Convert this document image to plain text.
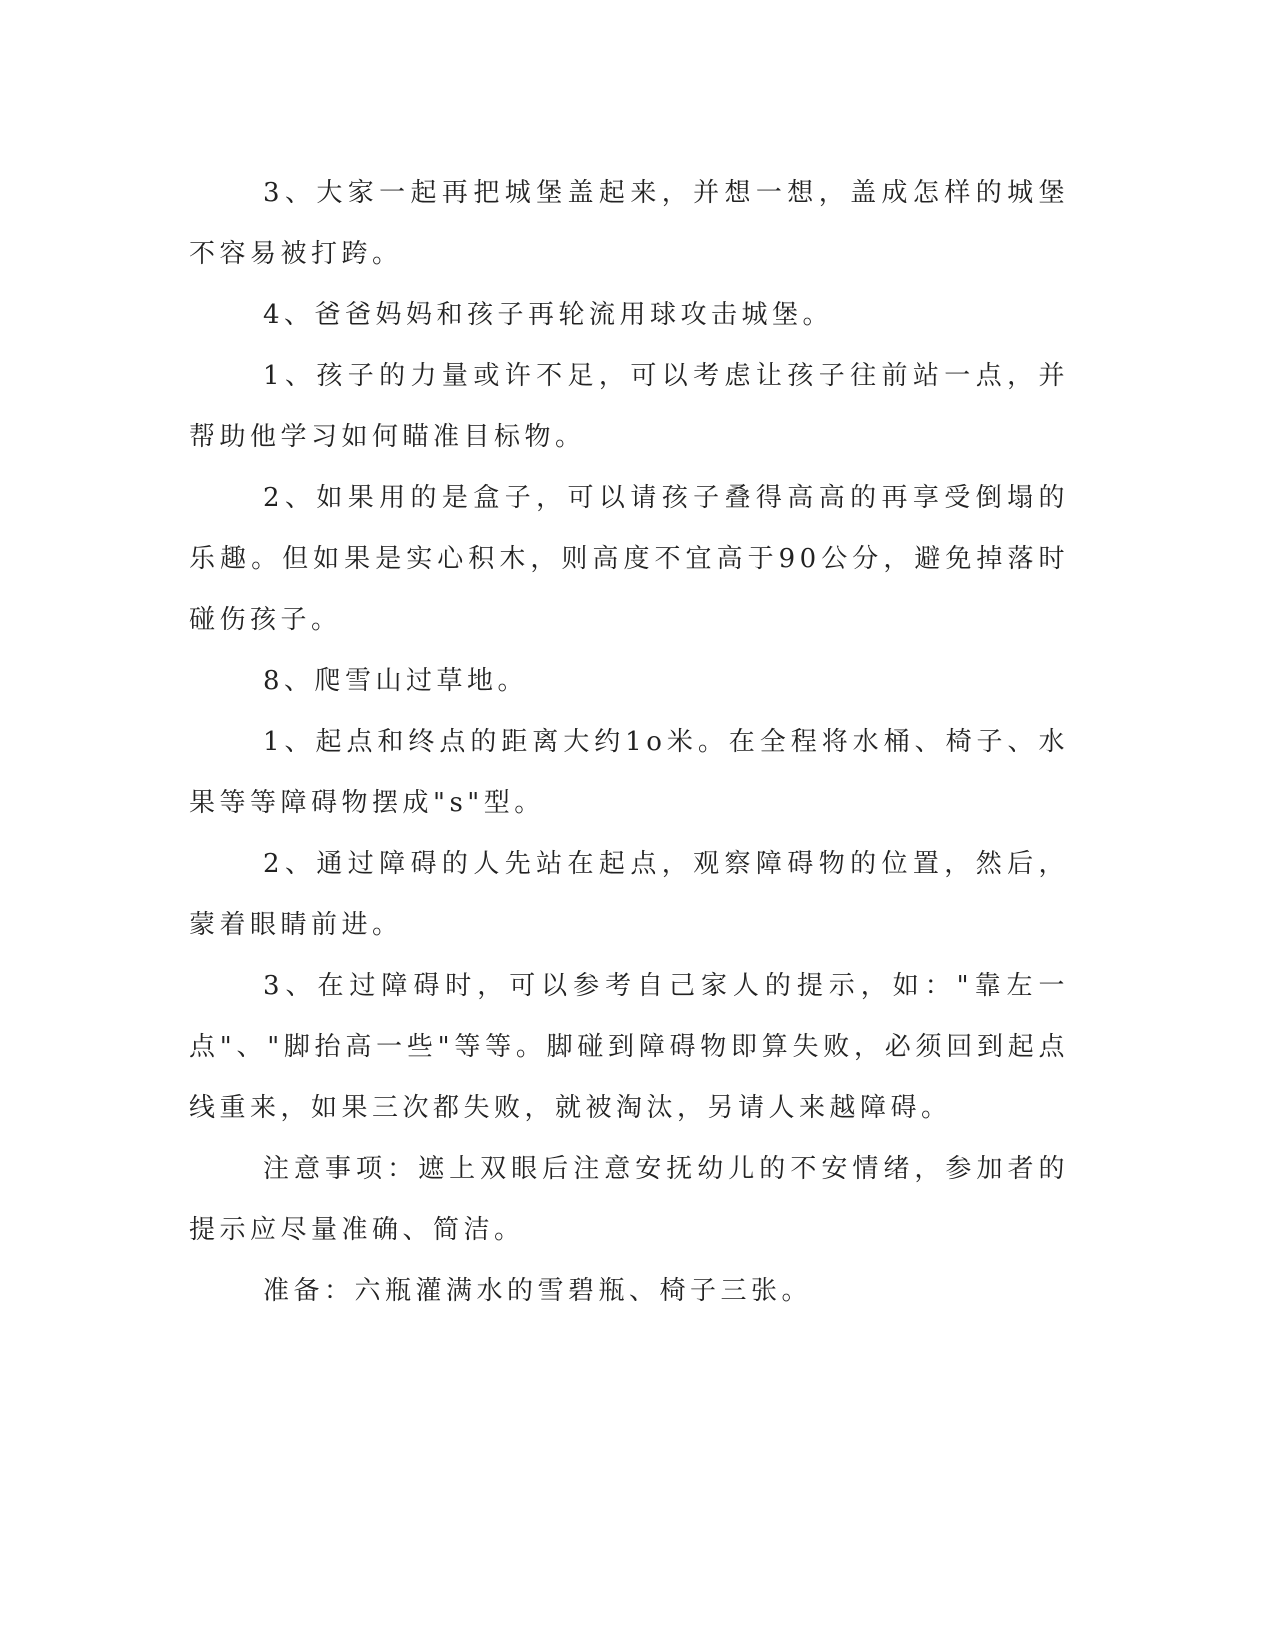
3、大家一起再把城堡盖起来，并想一想，盖成怎样的城堡不容易被打跨。

4、爸爸妈妈和孩子再轮流用球攻击城堡。

1、孩子的力量或许不足，可以考虑让孩子往前站一点，并帮助他学习如何瞄准目标物。

2、如果用的是盒子，可以请孩子叠得高高的再享受倒塌的乐趣。但如果是实心积木，则高度不宜高于90公分，避免掉落时碰伤孩子。

8、爬雪山过草地。

1、起点和终点的距离大约1o米。在全程将水桶、椅子、水果等等障碍物摆成"s"型。

2、通过障碍的人先站在起点，观察障碍物的位置，然后，蒙着眼睛前进。

3、在过障碍时，可以参考自己家人的提示，如："靠左一点"、"脚抬高一些"等等。脚碰到障碍物即算失败，必须回到起点线重来，如果三次都失败，就被淘汰，另请人来越障碍。

注意事项：遮上双眼后注意安抚幼儿的不安情绪，参加者的提示应尽量准确、简洁。

准备：六瓶灌满水的雪碧瓶、椅子三张。
